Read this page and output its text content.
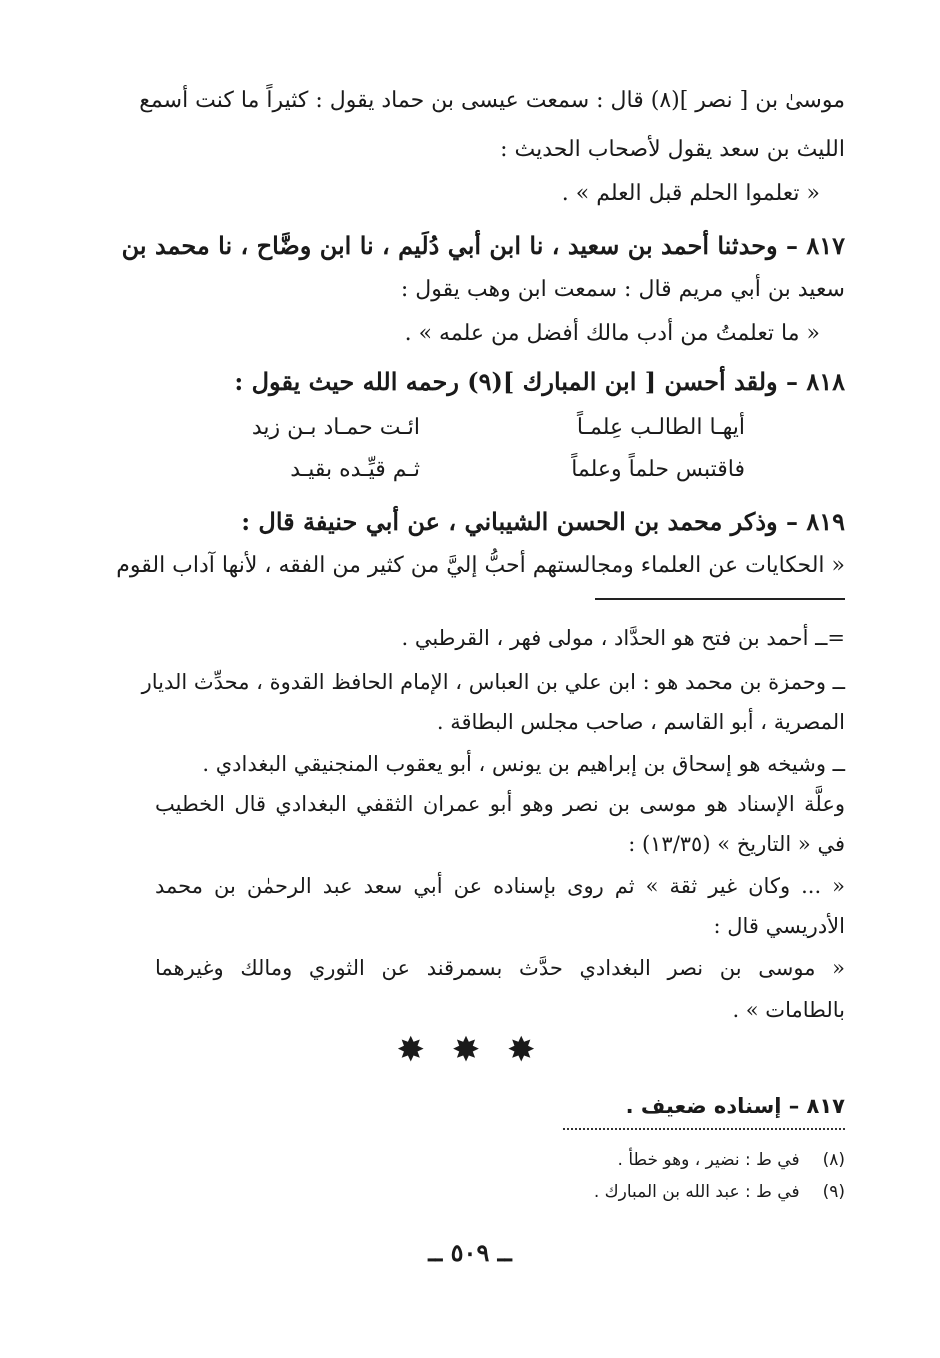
موسىٰ بن [ نصر ](٨) قال : سمعت عيسى بن حماد يقول : كثيراً ما كنت أسمع
الليث بن سعد يقول لأصحاب الحديث :
« تعلموا الحلم قبل العلم » .
٨١٧ – وحدثنا أحمد بن سعيد ، نا ابن أبي دُلَيم ، نا ابن وضَّاح ، نا محمد بن
سعيد بن أبي مريم قال : سمعت ابن وهب يقول :
« ما تعلمتُ من أدب مالك أفضل من علمه » .
٨١٨ – ولقد أحسن [ ابن المبارك ](٩) رحمه الله حيث يقول :
أيهـا الطالـب عِلمـاً
ائـت حمـاد بـن زيد
فاقتبس حلماً وعلماً
ثـم قيِّـده بقيـد
٨١٩ – وذكر محمد بن الحسن الشيباني ، عن أبي حنيفة قال :
« الحكايات عن العلماء ومجالستهم أحبُّ إليَّ من كثير من الفقه ، لأنها آداب القوم
=ــ أحمد بن فتح هو الحدَّاد ، مولى فهر ، القرطبي .
ــ وحمزة بن محمد هو : ابن علي بن العباس ، الإمام الحافظ القدوة ، محدِّث الديار
المصرية ، أبو القاسم ، صاحب مجلس البطاقة .
ــ وشيخه هو إسحاق بن إبراهيم بن يونس ، أبو يعقوب المنجنيقي البغدادي .
وعلَّة الإسناد هو موسى بن نصر وهو أبو عمران الثقفي البغدادي قال الخطيب
في « التاريخ » (١٣/٣٥) :
« ... وكان غير ثقة » ثم روى بإسناده عن أبي سعد عبد الرحمٰن بن محمد
الأدريسي قال :
« موسى بن نصر البغدادي حدَّث بسمرقند عن الثوري ومالك وغيرهما
بالطامات » .
✸ ✸ ✸
٨١٧ – إسناده ضعيف .
(٨) في ط : نضير ، وهو خطأ .
(٩) في ط : عبد الله بن المبارك .
ــ ٥٠٩ ــ
